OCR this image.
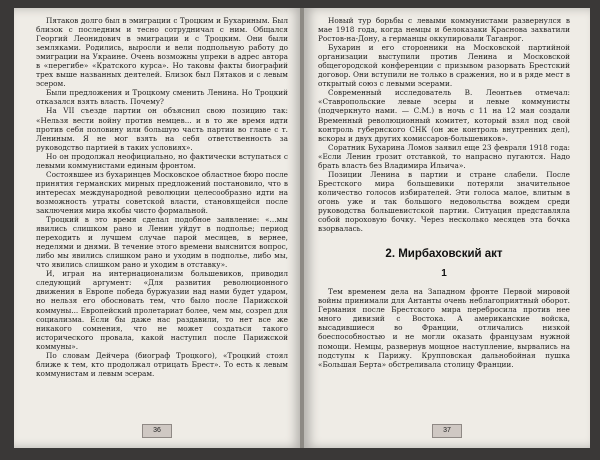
Пятаков долго был в эмиграции с Троцким и Бухариным. Был близок с последним и тесно сотрудничал с ним. Общался Георгий Леонидович в эмиграции и с Троцким. Они были земляками. Родились, выросли и вели подпольную работу до эмиграции на Украине. Очень возможны упреки в адрес автора в «перегибе» «Кратского курса». Но таковы факты биографий трех выше названных деятелей. Близок был Пятаков и с левым эсером.

Были предложения и Троцкому сменить Ленина. Но Троцкий отказался взять власть. Почему?

На VII съезде партии он объяснил свою позицию так: «Нельзя вести войну против немцев... и в то же время идти против себя половину или большую часть партии во главе с т. Лениным. Я не мог взять на себя ответственность за руководство партией в таких условиях».

Но он продолжал неофициально, но фактически вступаться с левыми коммунистами единым фронтом.

Состоявшее из бухаринцев Московское областное бюро после принятия германских мирных предложений постановило, что в интересах международной революции целесообразно идти на возможность утраты советской власти, становящейся после заключения мира якобы чисто формальной.

Троцкий в это время сделал подобное заявление: «...мы явились слишком рано и Ленин уйдут в подполье; период переходить и лучшем случае парой месяцев, в вернее, неделями и днями. В течение этого времени выяснится вопрос, либо мы явились слишком рано и уходим в подполье, либо мы, что явились слишком рано и уходим в отставку».

И, играя на интернационализм большевиков, приводил следующий аргумент: «Для развития революционного движения в Европе победа буржуазии над нами будет ударом, но нельзя его обосновать тем, что было после Парижской коммуны... Европейский пролетариат более, чем мы, созрел для социализма. Если бы даже нас раздавили, то нет все же никакого сомнения, что не может создаться такого исторического провала, какой наступил после Парижской коммуны».

По словам Дейчера (биограф Троцкого), «Троцкий стоял ближе к тем, кто продолжал отрицать Брест». То есть к левым коммунистам и левым эсерам.

36

Новый тур борьбы с левыми коммунистами развернулся в мае 1918 года, когда немцы и белоказаки Краснова захватили Ростов-на-Дону, а германцы оккупировали Таганрог.

Бухарин и его сторонники на Московской партийной организации выступили против Ленина и Московской общегородской конференции с призывом разорвать Брестский договор. Они вступили не только в сражения, но и в ряде мест в открытый союз с левыми эсерами.

Современный исследователь В. Леонтьев отмечал: «Ставропольские левые эсеры и левые коммунисты (подчеркнуто нами. — С.М.) в ночь с 11 на 12 мая создали Временный революционный комитет, который взял под свой контроль губернского СНК (он же контроль внутренних дел), вскоры и двух других комиссаров-большевиков».

Соратник Бухарина Ломов заявил еще 23 февраля 1918 года: «Если Ленин грозит отставкой, то напрасно пугаются. Надо брать власть без Владимира Ильича».

Позиции Ленина в партии и стране слабели. После Брестского мира большевики потеряли значительное количество голосов избирателей. Эти голоса малое, влитым в огонь уже и так большого недовольства вождем среди руководства большевистской партии. Ситуация представляла собой пороховую бочку. Через несколько месяцев эта бочка взорвалась.

2. Мирбаховский акт
1

Тем временем дела на Западном фронте Первой мировой войны принимали для Антанты очень неблагоприятный оборот. Германия после Брестского мира перебросила против нее много дивизий с Востока. А американские войска, высадившиеся во Франции, отличались низкой боеспособностью и не могли оказать французам нужной помощи. Немцы, развернув мощное наступление, вырвались на подступы к Парижу. Крупповская дальнобойная пушка «Большая Берта» обстреливала столицу Франции.

37
